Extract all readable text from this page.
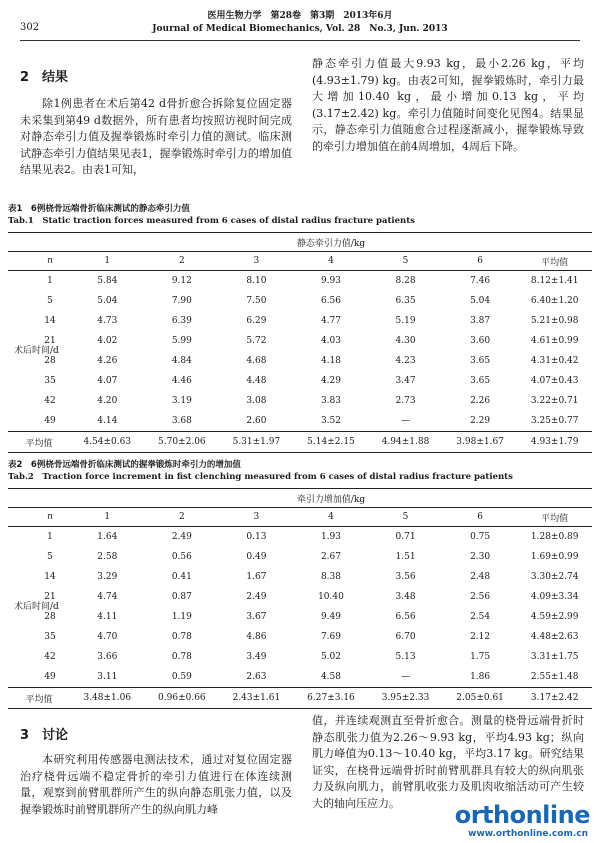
302
医用生物力学　第28卷　第3期　2013年6月
Journal of Medical Biomechanics, Vol. 28　No.3, Jun. 2013
2　结果

除1例患者在术后第42 d骨折愈合拆除复位固定器未采集到第49 d数据外，所有患者均按照访视时间完成对静态牵引力值及握拳锻炼时牵引力值的测试。临床测试静态牵引力值结果见表1，握拳锻炼时牵引力的增加值结果见表2。由表1可知，

静态牵引力值最大9.93 kg，最小2.26 kg，平均(4.93±1.79) kg。由表2可知，握拳锻炼时，牵引力最大增加10.40 kg，最小增加0.13 kg，平均(3.17±2.42) kg。牵引力值随时间变化见图4。结果显示，静态牵引力值随愈合过程逐渐减小，握拳锻炼导致的牵引力增加值在前4周增加，4周后下降。

表1　6例桡骨远端骨折临床测试的静态牵引力值
Tab.1　Static traction forces measured from 6 cases of distal radius fracture patients
		静态牵引力值/kg						
	n	1	2	3	4	5	6	平均值
术后时间/d	1	5.84	9.12	8.10	9.93	8.28	7.46	8.12±1.41
	5	5.04	7.90	7.50	6.56	6.35	5.04	6.40±1.20
	14	4.73	6.39	6.29	4.77	5.19	3.87	5.21±0.98
	21	4.02	5.99	5.72	4.03	4.30	3.60	4.61±0.99
	28	4.26	4.84	4.68	4.18	4.23	3.65	4.31±0.42
	35	4.07	4.46	4.48	4.29	3.47	3.65	4.07±0.43
	42	4.20	3.19	3.08	3.83	2.73	2.26	3.22±0.71
	49	4.14	3.68	2.60	3.52	—	2.29	3.25±0.77
平均值		4.54±0.63	5.70±2.06	5.31±1.97	5.14±2.15	4.94±1.88	3.98±1.67	4.93±1.79
表2　6例桡骨远端骨折临床测试的握拳锻炼时牵引力的增加值
Tab.2　Traction force increment in fist clenching measured from 6 cases of distal radius fracture patients
		牵引力增加值/kg						
	n	1	2	3	4	5	6	平均值
术后时间/d	1	1.64	2.49	0.13	1.93	0.71	0.75	1.28±0.89
	5	2.58	0.56	0.49	2.67	1.51	2.30	1.69±0.99
	14	3.29	0.41	1.67	8.38	3.56	2.48	3.30±2.74
	21	4.74	0.87	2.49	10.40	3.48	2.56	4.09±3.34
	28	4.11	1.19	3.67	9.49	6.56	2.54	4.59±2.99
	35	4.70	0.78	4.86	7.69	6.70	2.12	4.48±2.63
	42	3.66	0.78	3.49	5.02	5.13	1.75	3.31±1.75
	49	3.11	0.59	2.63	4.58	—	1.86	2.55±1.48
平均值		3.48±1.06	0.96±0.66	2.43±1.61	6.27±3.16	3.95±2.33	2.05±0.61	3.17±2.42
3　讨论

本研究利用传感器电测法技术，通过对复位固定器治疗桡骨远端不稳定骨折的牵引力值进行在体连续测量，观察到前臂肌群所产生的纵向静态肌张力值，以及握拳锻炼时前臂肌群所产生的纵向肌力峰

值，并连续观测直至骨折愈合。测量的桡骨远端骨折时静态肌张力值为2.26～9.93 kg，平均4.93 kg；纵向肌力峰值为0.13～10.40 kg，平均3.17 kg。研究结果证实，在桡骨远端骨折时前臂肌群具有较大的纵向肌张力及纵向肌力，前臂肌收张力及肌肉收缩活动可产生较大的轴向压应力。	orthonline
www.orthonline.com.cn
